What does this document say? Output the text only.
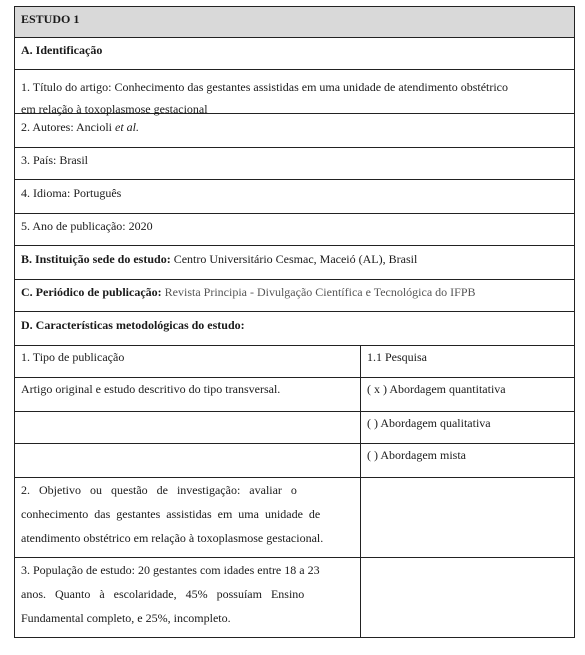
ESTUDO 1
A. Identificação
1. Título do artigo: Conhecimento das gestantes assistidas em uma unidade de atendimento obstétrico
em relação à toxoplasmose gestacional
2. Autores: Ancioli et al.
3. País: Brasil
4. Idioma: Português
5. Ano de publicação: 2020
B. Instituição sede do estudo: Centro Universitário Cesmac, Maceió (AL), Brasil
C. Periódico de publicação: Revista Principia - Divulgação Científica e Tecnológica do IFPB
D. Características metodológicas do estudo:
1. Tipo de publicação	1.1 Pesquisa
Artigo original e estudo descritivo do tipo transversal.	( x ) Abordagem quantitativa
( ) Abordagem qualitativa
( ) Abordagem mista
2.   Objetivo   ou   questão   de   investigação:   avaliar   o
conhecimento  das  gestantes  assistidas  em  uma  unidade  de
atendimento obstétrico em relação à toxoplasmose gestacional.
3. População de estudo: 20 gestantes com idades entre 18 a 23
anos.   Quanto   à   escolaridade,   45%   possuíam   Ensino
Fundamental completo, e 25%, incompleto.
